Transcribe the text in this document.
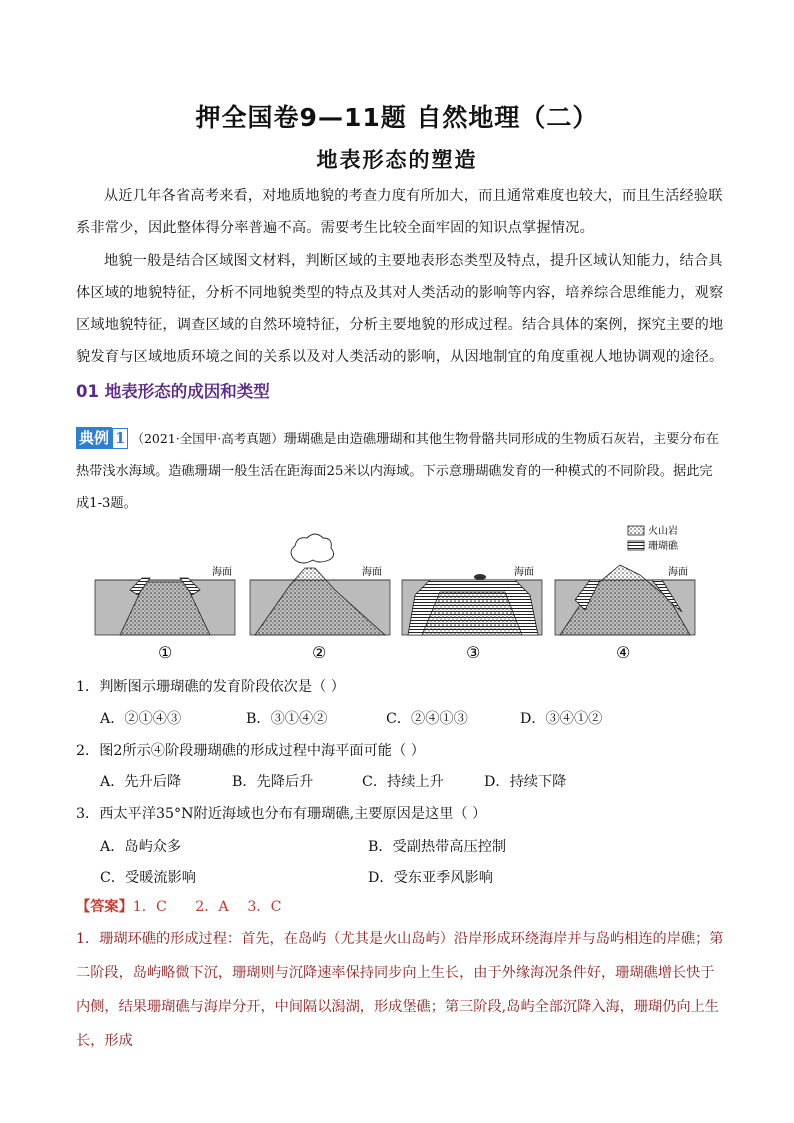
押全国卷9—11题 自然地理（二）
地表形态的塑造
从近几年各省高考来看，对地质地貌的考查力度有所加大，而且通常难度也较大，而且生活经验联系非常少，因此整体得分率普遍不高。需要考生比较全面牢固的知识点掌握情况。
地貌一般是结合区域图文材料，判断区域的主要地表形态类型及特点，提升区域认知能力，结合具体区域的地貌特征，分析不同地貌类型的特点及其对人类活动的影响等内容，培养综合思维能力，观察区域地貌特征，调查区域的自然环境特征，分析主要地貌的形成过程。结合具体的案例，探究主要的地貌发育与区域地质环境之间的关系以及对人类活动的影响，从因地制宜的角度重视人地协调观的途径。
01 地表形态的成因和类型
典例 1 （2021·全国甲·高考真题）珊瑚礁是由造礁珊瑚和其他生物骨骼共同形成的生物质石灰岩，主要分布在热带浅水海域。造礁珊瑚一般生活在距海面25米以内海域。下示意珊瑚礁发育的一种模式的不同阶段。据此完成1-3题。
火山岩
珊瑚礁
海面
①
海面
②
海面
③
海面
④
1．判断图示珊瑚礁的发育阶段依次是（ ）
A．②①④③	B．③①④②	C．②④①③	D．③④①②
2．图2所示④阶段珊瑚礁的形成过程中海平面可能（ ）
A．先升后降	B．先降后升	C．持续上升	D．持续下降
3．西太平洋35°N附近海域也分布有珊瑚礁,主要原因是这里（ ）
A．岛屿众多	B．受副热带高压控制
C．受暖流影响	D．受东亚季风影响
【答案】1．C　　2．A　 3．C
1．珊瑚环礁的形成过程：首先，在岛屿（尤其是火山岛屿）沿岸形成环绕海岸并与岛屿相连的岸礁；第二阶段，岛屿略微下沉，珊瑚则与沉降速率保持同步向上生长，由于外缘海况条件好，珊瑚礁增长快于内侧，结果珊瑚礁与海岸分开，中间隔以潟湖，形成堡礁；第三阶段,岛屿全部沉降入海，珊瑚仍向上生长，形成
